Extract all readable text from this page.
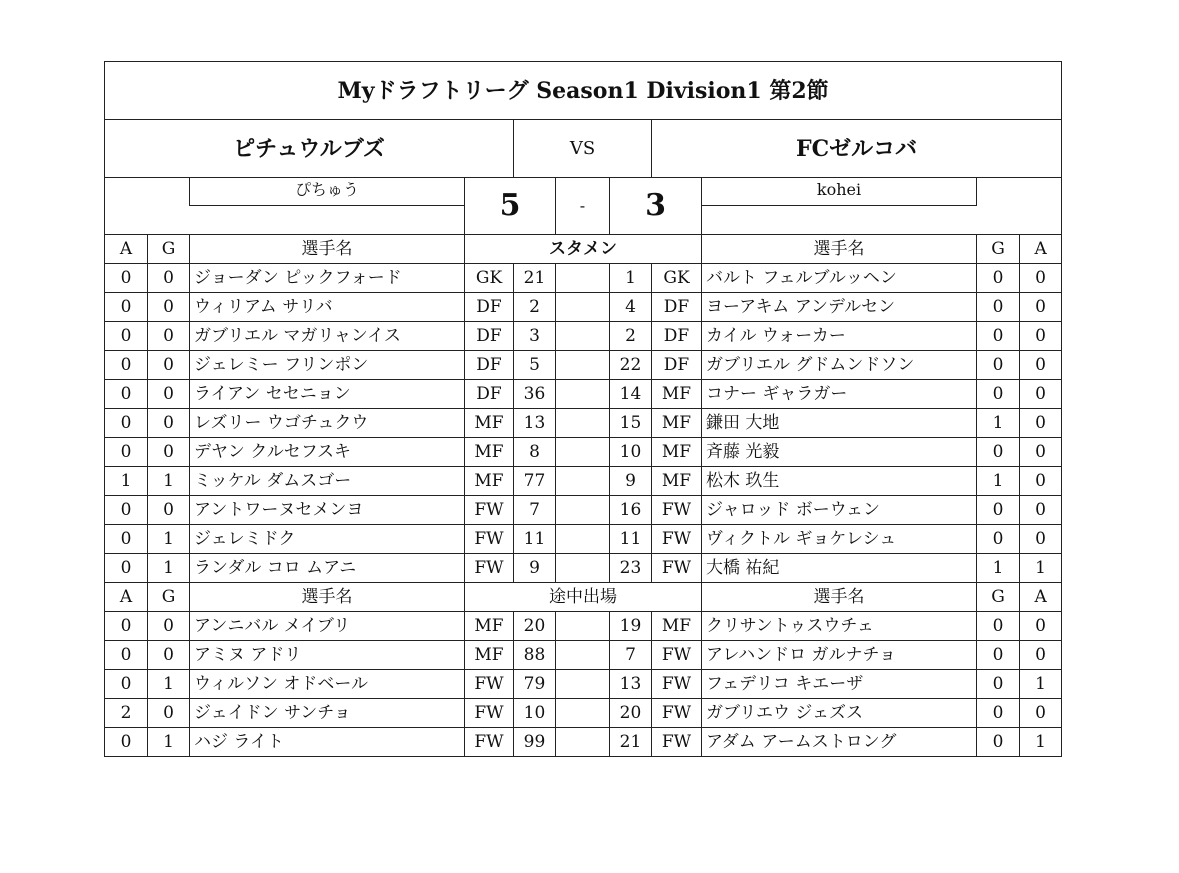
Myドラフトリーグ Season1 Division1 第2節										
ピチュウルブズ				VS			FCゼルコバ			
		ぴちゅう	5		-	3		kohei		

A	G	選手名	スタメン					選手名	G	A
0	0	ジョーダン ピックフォード	GK	21		1	GK	バルト フェルブルッヘン	0	0
0	0	ウィリアム サリバ	DF	2		4	DF	ヨーアキム アンデルセン	0	0
0	0	ガブリエル マガリャンイス	DF	3		2	DF	カイル ウォーカー	0	0
0	0	ジェレミー フリンポン	DF	5		22	DF	ガブリエル グドムンドソン	0	0
0	0	ライアン セセニョン	DF	36		14	MF	コナー ギャラガー	0	0
0	0	レズリー ウゴチュクウ	MF	13		15	MF	鎌田 大地	1	0
0	0	デヤン クルセフスキ	MF	8		10	MF	斉藤 光毅	0	0
1	1	ミッケル ダムスゴー	MF	77		9	MF	松木 玖生	1	0
0	0	アントワーヌセメンヨ	FW	7		16	FW	ジャロッド ボーウェン	0	0
0	1	ジェレミドク	FW	11		11	FW	ヴィクトル ギョケレシュ	0	0
0	1	ランダル コロ ムアニ	FW	9		23	FW	大橋 祐紀	1	1
A	G	選手名	途中出場					選手名	G	A
0	0	アンニバル メイブリ	MF	20		19	MF	クリサントゥスウチェ	0	0
0	0	アミヌ アドリ	MF	88		7	FW	アレハンドロ ガルナチョ	0	0
0	1	ウィルソン オドベール	FW	79		13	FW	フェデリコ キエーザ	0	1
2	0	ジェイドン サンチョ	FW	10		20	FW	ガブリエウ ジェズス	0	0
0	1	ハジ ライト	FW	99		21	FW	アダム アームストロング	0	1
